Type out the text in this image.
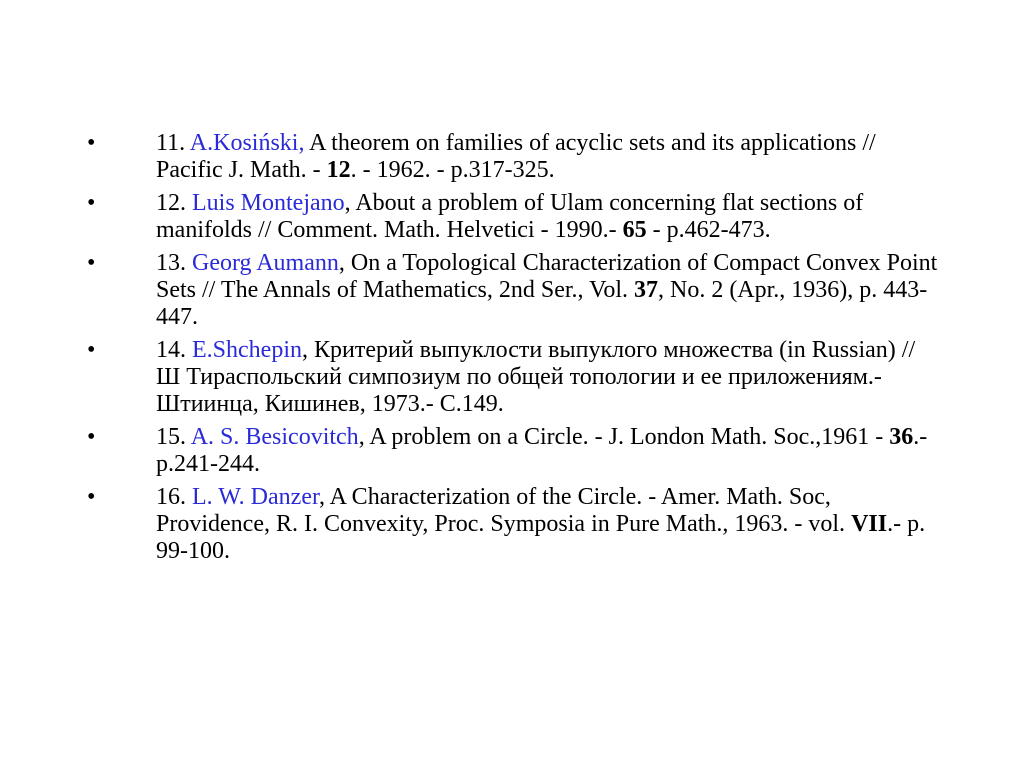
•	11. A.Kosiński, A theorem on families of acyclic sets and its applications // Pacific J. Math. - 12. - 1962. - p.317-325.
•	12. Luis Montejano, About a problem of Ulam concerning flat sections of manifolds // Comment. Math. Helvetici - 1990.- 65 - p.462-473.
•	13. Georg Aumann, On a Topological Characterization of Compact Convex Point Sets // The Annals of Mathematics, 2nd Ser., Vol. 37, No. 2 (Apr., 1936), p. 443-447.
•	14. E.Shchepin, Критерий выпуклости выпуклого множества (in Russian) // Ш Тираспольский симпозиум по общей топологии и ее приложениям.- Штиинца, Кишинев, 1973.- С.149.
•	15. A. S. Besicovitch, A problem on a Circle. - J. London Math. Soc.,1961 - 36.- p.241-244.
•	16. L. W. Danzer, A Characterization of the Circle. - Amer. Math. Soc, Providence, R. I. Convexity, Proc. Symposia in Pure Math., 1963. - vol. VII.- p. 99-100.
